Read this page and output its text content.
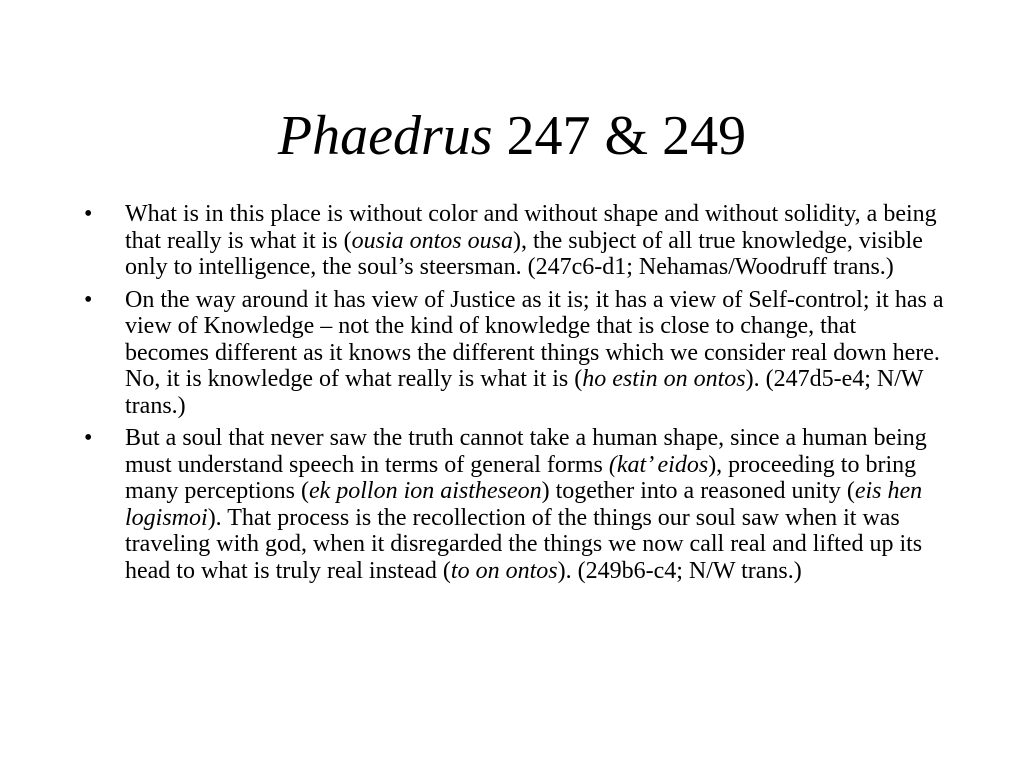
Phaedrus 247 & 249
• What is in this place is without color and without shape and without solidity, a being that really is what it is (ousia ontos ousa), the subject of all true knowledge, visible only to intelligence, the soul’s steersman. (247c6-d1; Nehamas/Woodruff trans.)
• On the way around it has view of Justice as it is; it has a view of Self-control; it has a view of Knowledge – not the kind of knowledge that is close to change, that becomes different as it knows the different things which we consider real down here. No, it is knowledge of what really is what it is (ho estin on ontos). (247d5-e4; N/W trans.)
• But a soul that never saw the truth cannot take a human shape, since a human being must understand speech in terms of general forms (kat’ eidos), proceeding to bring many perceptions (ek pollon ion aistheseon) together into a reasoned unity (eis hen logismoi). That process is the recollection of the things our soul saw when it was traveling with god, when it disregarded the things we now call real and lifted up its head to what is truly real instead (to on ontos). (249b6-c4; N/W trans.)
